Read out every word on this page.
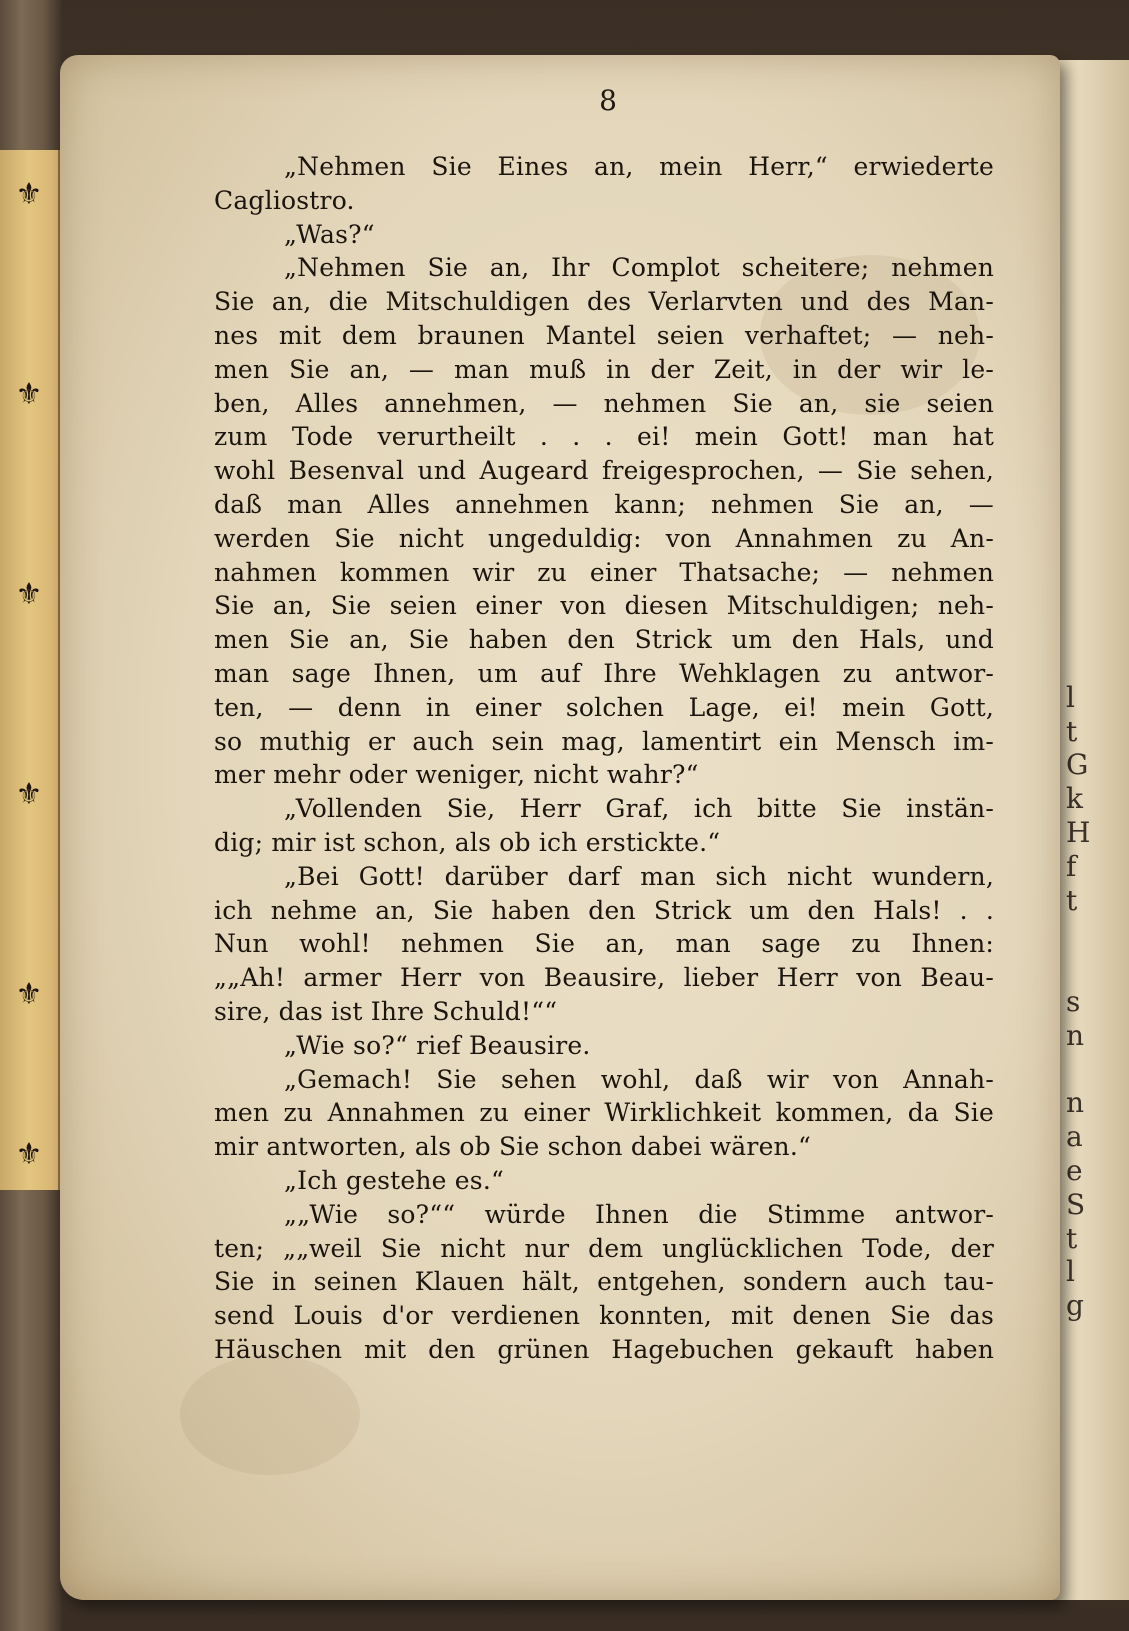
⚜
⚜
⚜
⚜
⚜
⚜
l
t
G
k
H
f
t
s
n
n
a
e
S
t
l
g
8
„Nehmen Sie Eines an, mein Herr,“ erwiederte
Cagliostro.
„Was?“
„Nehmen Sie an, Ihr Complot scheitere; nehmen
Sie an, die Mitschuldigen des Verlarvten und des Man-
nes mit dem braunen Mantel seien verhaftet; — neh-
men Sie an, — man muß in der Zeit, in der wir le-
ben, Alles annehmen, — nehmen Sie an, sie seien
zum Tode verurtheilt . . . ei! mein Gott! man hat
wohl Besenval und Augeard freigesprochen, — Sie sehen,
daß man Alles annehmen kann; nehmen Sie an, —
werden Sie nicht ungeduldig: von Annahmen zu An-
nahmen kommen wir zu einer Thatsache; — nehmen
Sie an, Sie seien einer von diesen Mitschuldigen; neh-
men Sie an, Sie haben den Strick um den Hals, und
man sage Ihnen, um auf Ihre Wehklagen zu antwor-
ten, — denn in einer solchen Lage, ei! mein Gott,
so muthig er auch sein mag, lamentirt ein Mensch im-
mer mehr oder weniger, nicht wahr?“
„Vollenden Sie, Herr Graf, ich bitte Sie instän-
dig; mir ist schon, als ob ich erstickte.“
„Bei Gott! darüber darf man sich nicht wundern,
ich nehme an, Sie haben den Strick um den Hals! . .
Nun wohl! nehmen Sie an, man sage zu Ihnen:
„„Ah! armer Herr von Beausire, lieber Herr von Beau-
sire, das ist Ihre Schuld!““
„Wie so?“ rief Beausire.
„Gemach! Sie sehen wohl, daß wir von Annah-
men zu Annahmen zu einer Wirklichkeit kommen, da Sie
mir antworten, als ob Sie schon dabei wären.“
„Ich gestehe es.“
„„Wie so?““ würde Ihnen die Stimme antwor-
ten; „„weil Sie nicht nur dem unglücklichen Tode, der
Sie in seinen Klauen hält, entgehen, sondern auch tau-
send Louis d'or verdienen konnten, mit denen Sie das
Häuschen mit den grünen Hagebuchen gekauft haben
